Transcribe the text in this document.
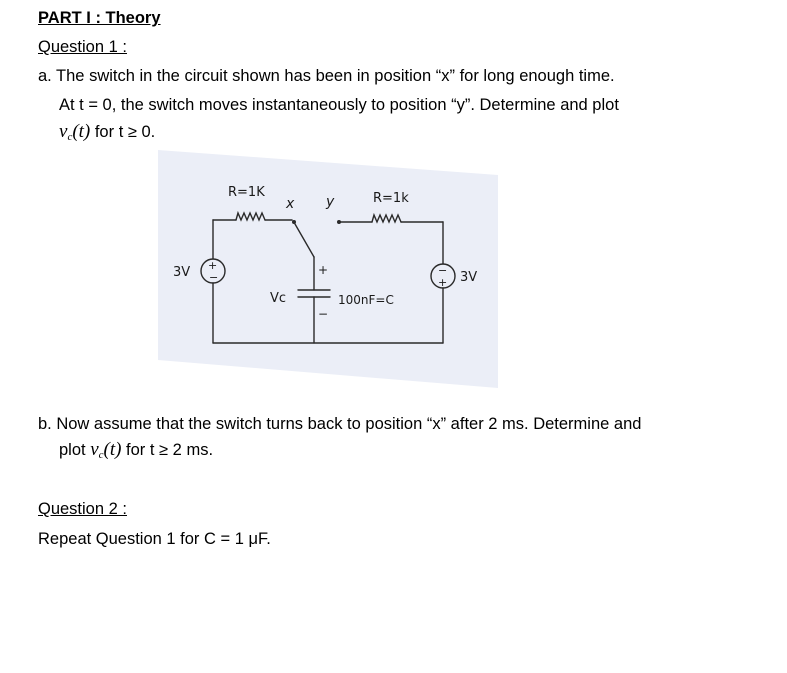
PART I : Theory
Question 1 :
a. The switch in the circuit shown has been in position “x” for long enough time.
At t = 0, the switch moves instantaneously to position “y”. Determine and plot
$v_c(t)$ for t ≥ 0.
R=1K	R=1k
x y
3V	3V
+
−
−
+
+
−
Vc	100nF=C
b. Now assume that the switch turns back to position “x” after 2 ms. Determine and
plot $v_c(t)$ for t ≥ 2 ms.
Question 2 :
Repeat Question 1 for C = 1 μF.
